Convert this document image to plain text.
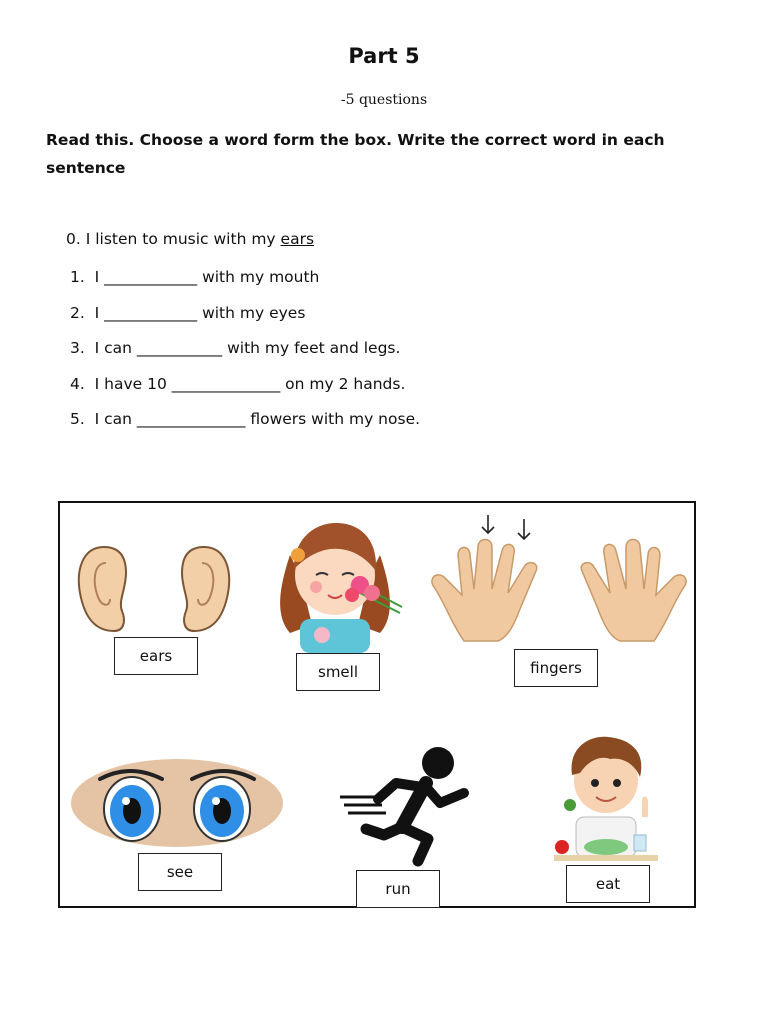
Part 5
-5 questions
Read this. Choose a word form the box. Write the correct word in each sentence
0. I listen to music with my ears
1.  I ____________ with my mouth
2.  I ____________ with my eyes
3.  I can ___________ with my feet and legs.
4.  I have 10 ______________ on my 2 hands.
5.  I can ______________ flowers with my nose.
ears
smell	fingers
see
run	eat
